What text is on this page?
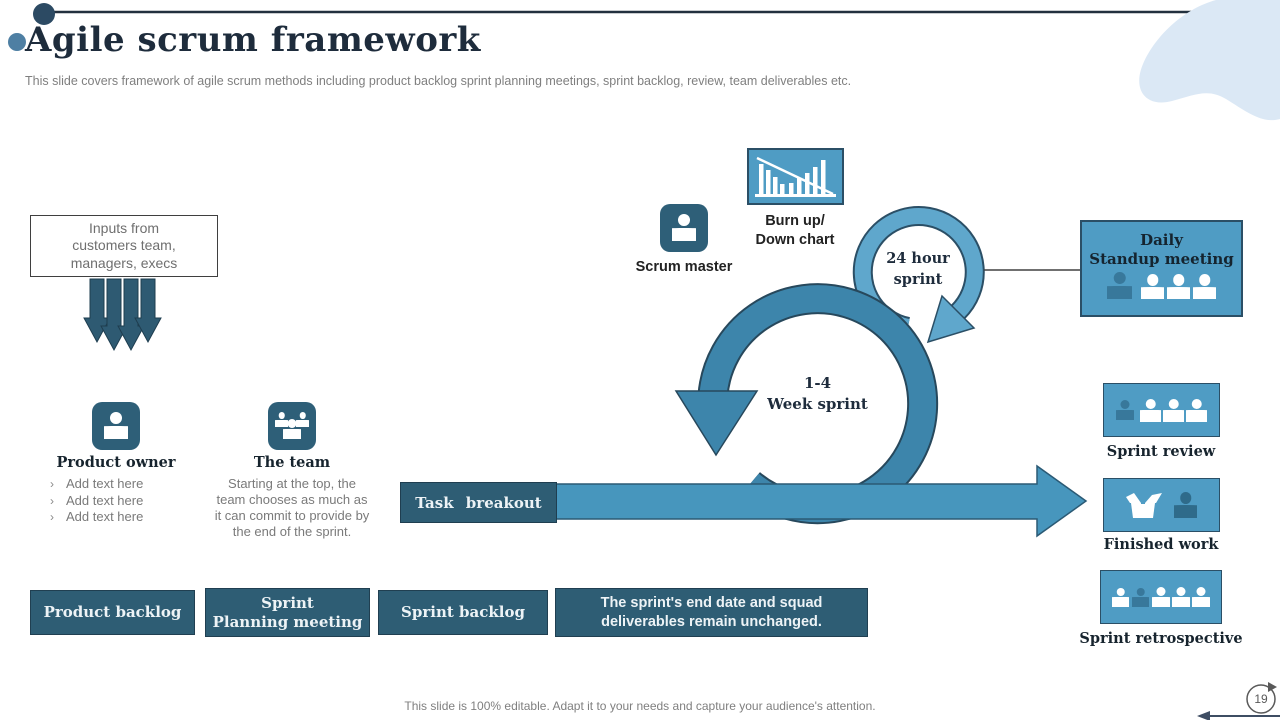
Agile scrum framework
This slide covers framework of agile scrum methods including product backlog sprint planning meetings, sprint backlog, review, team deliverables etc.
Inputs from
customers team,
managers, execs
Product owner
› Add text here
› Add text here
› Add text here
The team
Starting at the top, the team chooses as much as it can commit to provide by the end of the sprint.
Scrum master
Burn up/
Down chart
1-4
Week sprint
24 hour
sprint
Task breakout
Daily
Standup meeting
Sprint review
Finished work
Sprint retrospective
Product backlog
Sprint
Planning meeting
Sprint backlog
The sprint's end date and squad
deliverables remain unchanged.
This slide is 100% editable. Adapt it to your needs and capture your audience's attention.	19
